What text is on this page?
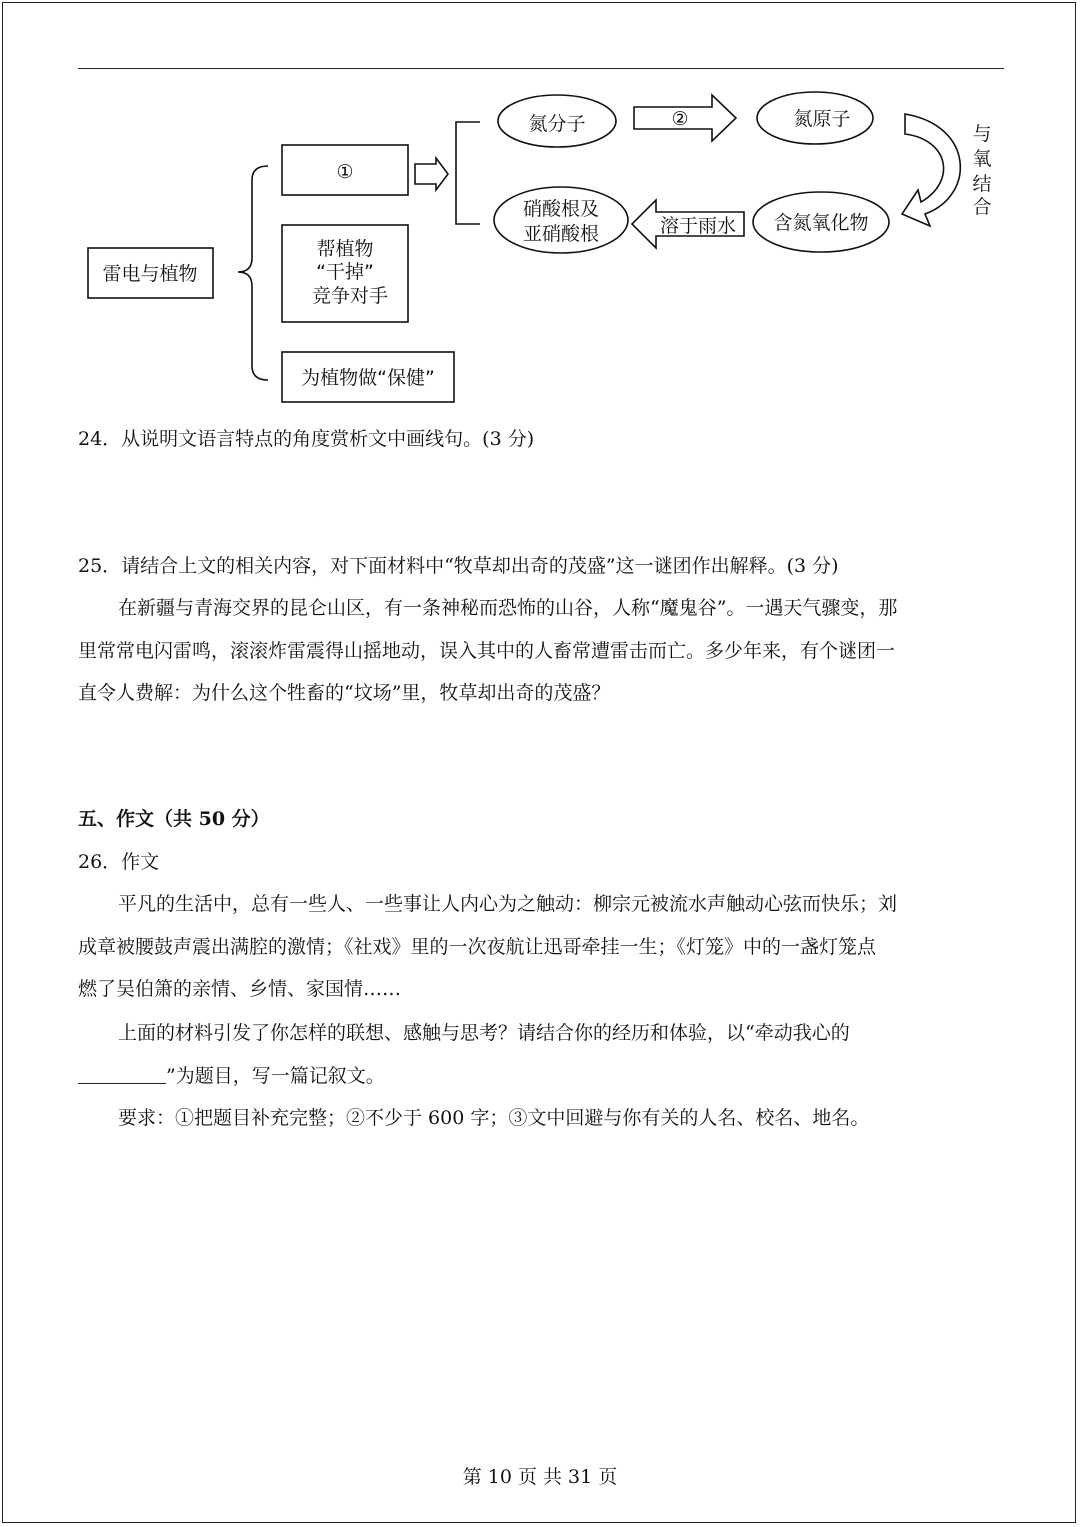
雷电与植物
①
帮植物
“干掉”
竞争对手
为植物做“保健”
氮分子	②	氮原子
与
氧
结
合
含氮氧化物
溶于雨水
硝酸根及
亚硝酸根
24．从说明文语言特点的角度赏析文中画线句。(3 分)
25．请结合上文的相关内容，对下面材料中“牧草却出奇的茂盛”这一谜团作出解释。(3 分)
在新疆与青海交界的昆仑山区，有一条神秘而恐怖的山谷，人称“魔鬼谷”。一遇天气骤变，那
里常常电闪雷鸣，滚滚炸雷震得山摇地动，误入其中的人畜常遭雷击而亡。多少年来，有个谜团一
直令人费解：为什么这个牲畜的“坟场”里，牧草却出奇的茂盛？
五、作文（共 50 分）
26．作文
平凡的生活中，总有一些人、一些事让人内心为之触动：柳宗元被流水声触动心弦而快乐；刘
成章被腰鼓声震出满腔的激情；《社戏》里的一次夜航让迅哥牵挂一生；《灯笼》中的一盏灯笼点
燃了吴伯箫的亲情、乡情、家国情……
上面的材料引发了你怎样的联想、感触与思考？请结合你的经历和体验，以“牵动我心的
”为题目，写一篇记叙文。
要求：①把题目补充完整；②不少于 600 字；③文中回避与你有关的人名、校名、地名。
第 10 页 共 31 页
